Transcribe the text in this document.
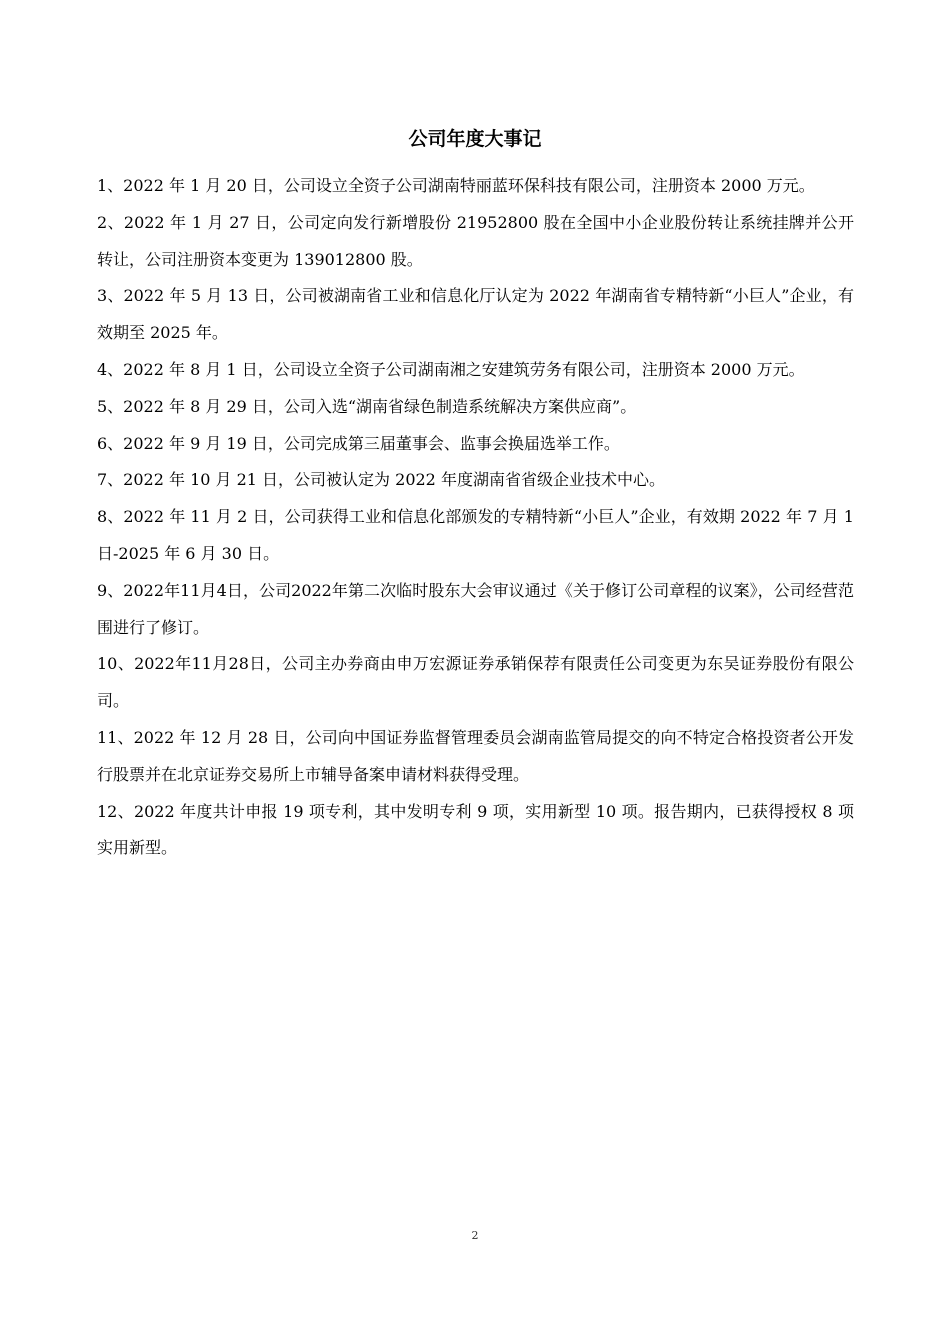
公司年度大事记
1、2022 年 1 月 20 日，公司设立全资子公司湖南特丽蓝环保科技有限公司，注册资本 2000 万元。
2、2022 年 1 月 27 日，公司定向发行新增股份 21952800 股在全国中小企业股份转让系统挂牌并公开转让，公司注册资本变更为 139012800 股。
3、2022 年 5 月 13 日，公司被湖南省工业和信息化厅认定为 2022 年湖南省专精特新“小巨人”企业，有效期至 2025 年。
4、2022 年 8 月 1 日，公司设立全资子公司湖南湘之安建筑劳务有限公司，注册资本 2000 万元。
5、2022 年 8 月 29 日，公司入选“湖南省绿色制造系统解决方案供应商”。
6、2022 年 9 月 19 日，公司完成第三届董事会、监事会换届选举工作。
7、2022 年 10 月 21 日，公司被认定为 2022 年度湖南省省级企业技术中心。
8、2022 年 11 月 2 日，公司获得工业和信息化部颁发的专精特新“小巨人”企业，有效期 2022 年 7 月 1 日-2025 年 6 月 30 日。
9、2022年11月4日，公司2022年第二次临时股东大会审议通过《关于修订公司章程的议案》，公司经营范围进行了修订。
10、2022年11月28日，公司主办券商由申万宏源证券承销保荐有限责任公司变更为东吴证券股份有限公司。
11、2022 年 12 月 28 日，公司向中国证券监督管理委员会湖南监管局提交的向不特定合格投资者公开发行股票并在北京证券交易所上市辅导备案申请材料获得受理。
12、2022 年度共计申报 19 项专利，其中发明专利 9 项，实用新型 10 项。报告期内，已获得授权 8 项实用新型。
2
